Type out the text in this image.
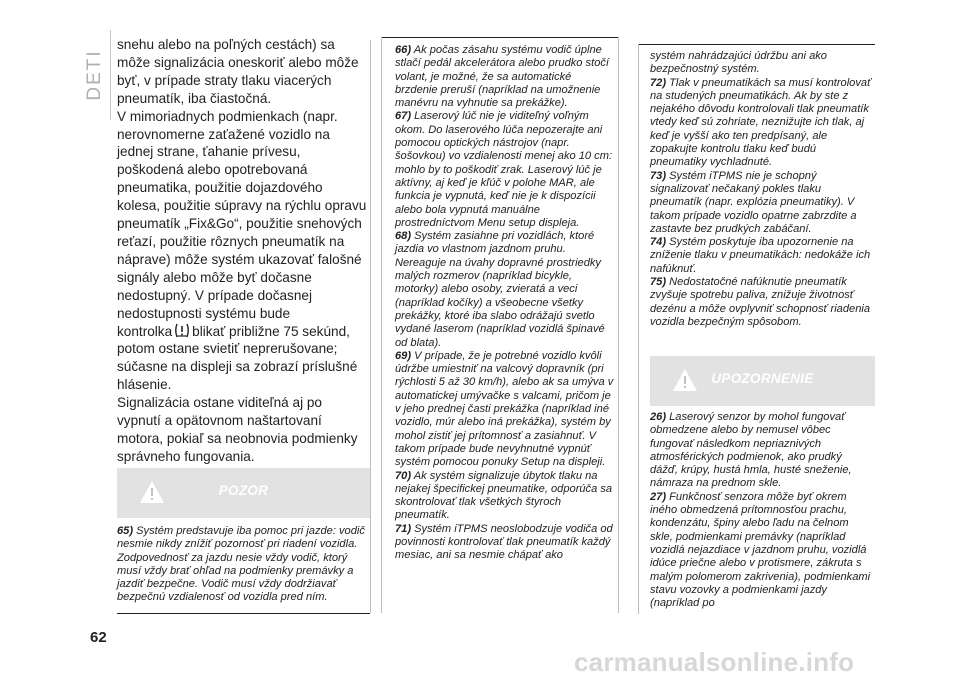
DETI

snehu alebo na poľných cestách) sa môže signalizácia oneskoriť alebo môže byť, v prípade straty tlaku viacerých pneumatík, iba čiastočná.

V mimoriadnych podmienkach (napr. nerovnomerne zaťažené vozidlo na jednej strane, ťahanie prívesu, poškodená alebo opotrebovaná pneumatika, použitie dojazdového kolesa, použitie súpravy na rýchlu opravu pneumatík „Fix&Go“, použitie snehových reťazí, použitie rôznych pneumatík na náprave) môže systém ukazovať falošné signály alebo môže byť dočasne nedostupný. V prípade dočasnej nedostupnosti systému bude
kontrolka blikať približne 75 sekúnd, potom ostane svietiť neprerušovane; súčasne na displeji sa zobrazí príslušné hlásenie.

Signalizácia ostane viditeľná aj po vypnutí a opätovnom naštartovaní motora, pokiaľ sa neobnovia podmienky správneho fungovania.

POZOR

65) Systém predstavuje iba pomoc pri jazde: vodič nesmie nikdy znížiť pozornosť pri riadení vozidla. Zodpovednosť za jazdu nesie vždy vodič, ktorý musí vždy brať ohľad na podmienky premávky a jazdiť bezpečne. Vodič musí vždy dodržiavať bezpečnú vzdialenosť od vozidla pred ním.

66) Ak počas zásahu systému vodič úplne stlačí pedál akcelerátora alebo prudko stočí volant, je možné, že sa automatické brzdenie preruší (napríklad na umožnenie manévru na vyhnutie sa prekážke).

67) Laserový lúč nie je viditeľný voľným okom. Do laserového lúča nepozerajte ani pomocou optických nástrojov (napr. šošovkou) vo vzdialenosti menej ako 10 cm: mohlo by to poškodiť zrak. Laserový lúč je aktívny, aj keď je kľúč v polohe MAR, ale funkcia je vypnutá, keď nie je k dispozícii alebo bola vypnutá manuálne prostredníctvom Menu setup displeja.

68) Systém zasiahne pri vozidlách, ktoré jazdia vo vlastnom jazdnom pruhu. Nereaguje na úvahy dopravné prostriedky malých rozmerov (napríklad bicykle, motorky) alebo osoby, zvieratá a veci (napríklad kočíky) a všeobecne všetky prekážky, ktoré iba slabo odrážajú svetlo vydané laserom (napríklad vozidlá špinavé od blata).

69) V prípade, že je potrebné vozidlo kvôli údržbe umiestniť na valcový dopravník (pri rýchlosti 5 až 30 km/h), alebo ak sa umýva v automatickej umývačke s valcami, pričom je v jeho prednej časti prekážka (napríklad iné vozidlo, múr alebo iná prekážka), systém by mohol zistiť jej prítomnosť a zasiahnuť. V takom prípade bude nevyhnutné vypnúť systém pomocou ponuky Setup na displeji.

70) Ak systém signalizuje úbytok tlaku na nejakej špecifickej pneumatike, odporúča sa skontrolovať tlak všetkých štyroch pneumatík.

71) Systém iTPMS neoslobodzuje vodiča od povinnosti kontrolovať tlak pneumatík každý mesiac, ani sa nesmie chápať ako

systém nahrádzajúci údržbu ani ako bezpečnostný systém.

72) Tlak v pneumatikách sa musí kontrolovať na studených pneumatikách. Ak by ste z nejakého dôvodu kontrolovali tlak pneumatík vtedy keď sú zohriate, neznižujte ich tlak, aj keď je vyšší ako ten predpísaný, ale zopakujte kontrolu tlaku keď budú pneumatiky vychladnuté.

73) Systém iTPMS nie je schopný signalizovať nečakaný pokles tlaku pneumatík (napr. explózia pneumatiky). V takom prípade vozidlo opatrne zabrzdite a zastavte bez prudkých zabáčaní.

74) Systém poskytuje iba upozornenie na zníženie tlaku v pneumatikách: nedokáže ich nafúknuť.

75) Nedostatočné nafúknutie pneumatík zvyšuje spotrebu paliva, znižuje životnosť dezénu a môže ovplyvniť schopnosť riadenia vozidla bezpečným spôsobom.

UPOZORNENIE

26) Laserový senzor by mohol fungovať obmedzene alebo by nemusel vôbec fungovať následkom nepriaznivých atmosférických podmienok, ako prudký dážď, krúpy, hustá hmla, husté sneženie, námraza na prednom skle.

27) Funkčnosť senzora môže byť okrem iného obmedzená prítomnosťou prachu, kondenzátu, špiny alebo ľadu na čelnom skle, podmienkami premávky (napríklad vozidlá nejazdiace v jazdnom pruhu, vozidlá idúce priečne alebo v protismere, zákruta s malým polomerom zakrivenia), podmienkami stavu vozovky a podmienkami jazdy (napríklad po

62
carmanualsonline.info
